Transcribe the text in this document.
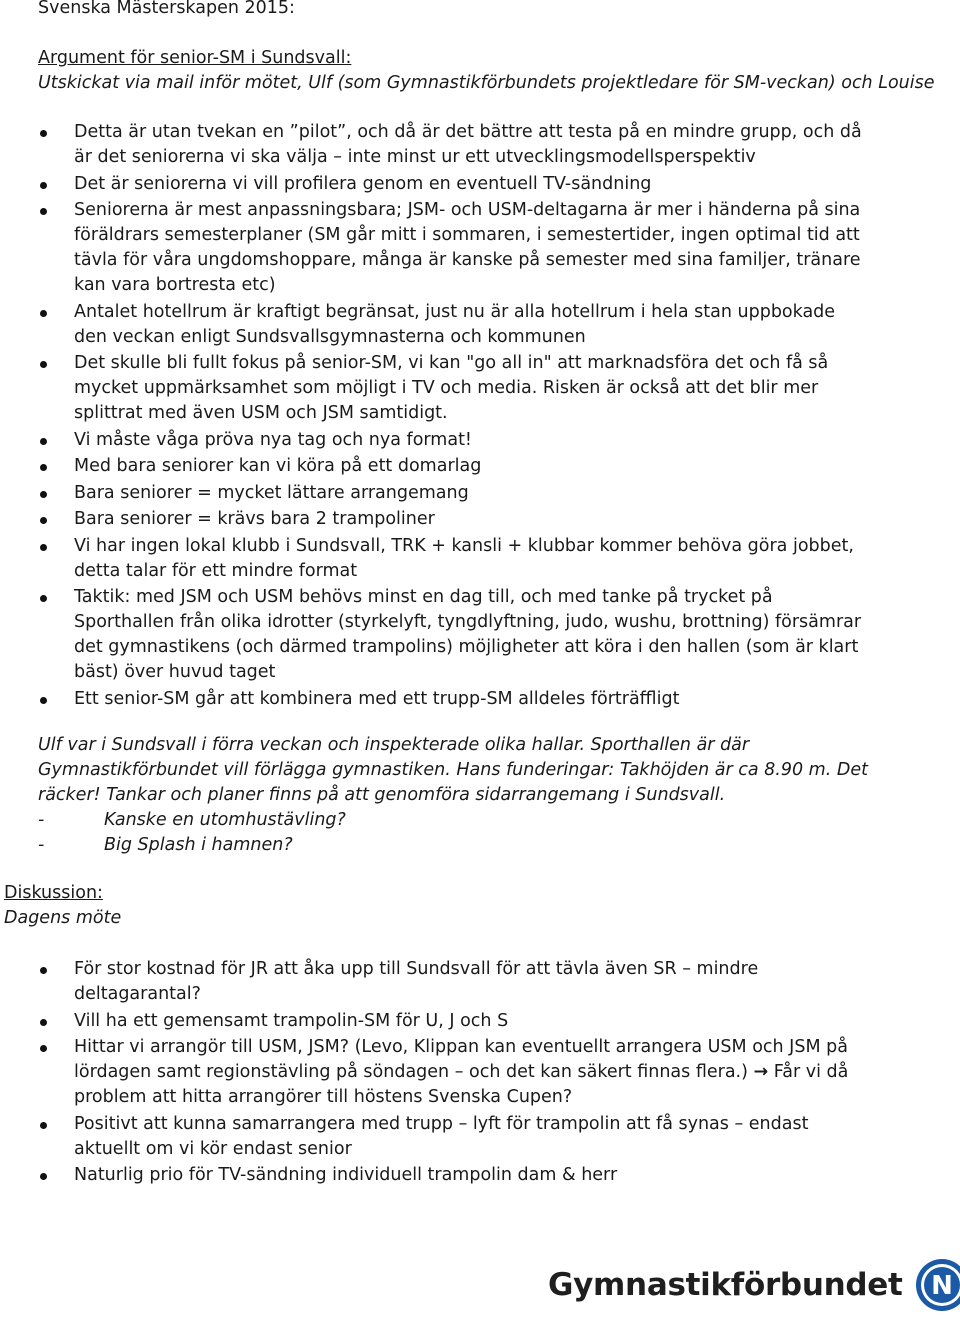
Svenska Mästerskapen 2015:
Argument för senior-SM i Sundsvall:
Utskickat via mail inför mötet, Ulf (som Gymnastikförbundets projektledare för SM-veckan) och Louise
Detta är utan tvekan en ”pilot”, och då är det bättre att testa på en mindre grupp, och då är det seniorerna vi ska välja – inte minst ur ett utvecklingsmodellsperspektiv
Det är seniorerna vi vill profilera genom en eventuell TV-sändning
Seniorerna är mest anpassningsbara; JSM- och USM-deltagarna är mer i händerna på sina föräldrars semesterplaner (SM går mitt i sommaren, i semestertider, ingen optimal tid att tävla för våra ungdomshoppare, många är kanske på semester med sina familjer, tränare kan vara bortresta etc)
Antalet hotellrum är kraftigt begränsat, just nu är alla hotellrum i hela stan uppbokade den veckan enligt Sundsvallsgymnasterna och kommunen
Det skulle bli fullt fokus på senior-SM, vi kan "go all in" att marknadsföra det och få så mycket uppmärksamhet som möjligt i TV och media. Risken är också att det blir mer splittrat med även USM och JSM samtidigt.
Vi måste våga pröva nya tag och nya format!
Med bara seniorer kan vi köra på ett domarlag
Bara seniorer = mycket lättare arrangemang
Bara seniorer = krävs bara 2 trampoliner
Vi har ingen lokal klubb i Sundsvall, TRK + kansli + klubbar kommer behöva göra jobbet, detta talar för ett mindre format
Taktik: med JSM och USM behövs minst en dag till, och med tanke på trycket på Sporthallen från olika idrotter (styrkelyft, tyngdlyftning, judo, wushu, brottning) försämrar det gymnastikens (och därmed trampolins) möjligheter att köra i den hallen (som är klart bäst) över huvud taget
Ett senior-SM går att kombinera med ett trupp-SM alldeles förträffligt
Ulf var i Sundsvall i förra veckan och inspekterade olika hallar. Sporthallen är där Gymnastikförbundet vill förlägga gymnastiken. Hans funderingar: Takhöjden är ca 8.90 m. Det räcker! Tankar och planer finns på att genomföra sidarrangemang i Sundsvall.
-	Kanske en utomhustävling?
-	Big Splash i hamnen?
Diskussion:
Dagens möte
För stor kostnad för JR att åka upp till Sundsvall för att tävla även SR – mindre deltagarantal?
Vill ha ett gemensamt trampolin-SM för U, J och S
Hittar vi arrangör till USM, JSM? (Levo, Klippan kan eventuellt arrangera USM och JSM på lördagen samt regionstävling på söndagen – och det kan säkert finnas flera.) → Får vi då problem att hitta arrangörer till höstens Svenska Cupen?
Positivt att kunna samarrangera med trupp – lyft för trampolin att få synas – endast aktuellt om vi kör endast senior
Naturlig prio för TV-sändning individuell trampolin dam & herr
Gymnastikförbundet N
